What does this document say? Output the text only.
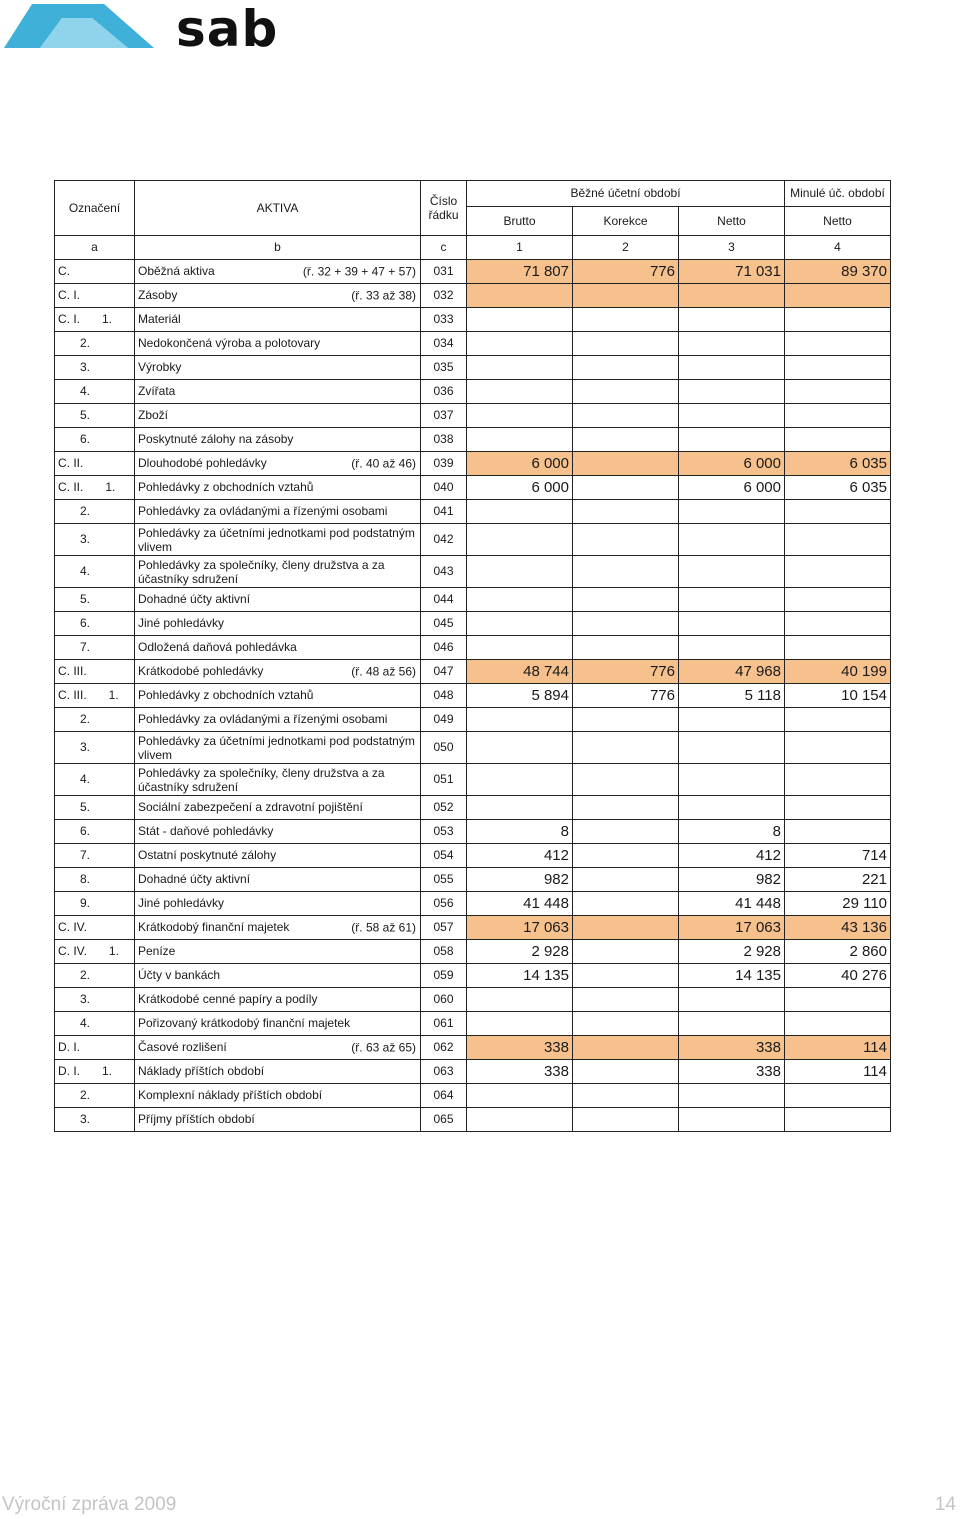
sab
Označení	AKTIVA	Číslo řádku	Běžné účetní období			Minulé úč. období
			Brutto	Korekce	Netto	Netto
a	b	c	1	2	3	4
C.	Oběžná aktiva (ř. 32 + 39 + 47 + 57)	031	71 807	776	71 031	89 370
C. I.	Zásoby (ř. 33 až 38)	032				
C. I. 1.	Materiál	033				
2.	Nedokončená výroba a polotovary	034				
3.	Výrobky	035				
4.	Zvířata	036				
5.	Zboží	037				
6.	Poskytnuté zálohy na zásoby	038				
C. II.	Dlouhodobé pohledávky (ř. 40 až 46)	039	6 000		6 000	6 035
C. II. 1.	Pohledávky z obchodních vztahů	040	6 000		6 000	6 035
2.	Pohledávky za ovládanými a řízenými osobami	041				
3.	Pohledávky za účetními jednotkami pod podstatným vlivem	042				
4.	Pohledávky za společníky, členy družstva a za účastníky sdružení	043				
5.	Dohadné účty aktivní	044				
6.	Jiné pohledávky	045				
7.	Odložená daňová pohledávka	046				
C. III.	Krátkodobé pohledávky (ř. 48 až 56)	047	48 744	776	47 968	40 199
C. III. 1.	Pohledávky z obchodních vztahů	048	5 894	776	5 118	10 154
2.	Pohledávky za ovládanými a řízenými osobami	049				
3.	Pohledávky za účetními jednotkami pod podstatným vlivem	050				
4.	Pohledávky za společníky, členy družstva a za účastníky sdružení	051				
5.	Sociální zabezpečení a zdravotní pojištění	052				
6.	Stát - daňové pohledávky	053	8		8	
7.	Ostatní poskytnuté zálohy	054	412		412	714
8.	Dohadné účty aktivní	055	982		982	221
9.	Jiné pohledávky	056	41 448		41 448	29 110
C. IV.	Krátkodobý finanční majetek (ř. 58 až 61)	057	17 063		17 063	43 136
C. IV. 1.	Peníze	058	2 928		2 928	2 860
2.	Účty v bankách	059	14 135		14 135	40 276
3.	Krátkodobé cenné papíry a podíly	060				
4.	Pořizovaný krátkodobý finanční majetek	061				
D. I.	Časové rozlišení (ř. 63 až 65)	062	338		338	114
D. I. 1.	Náklady příštích období	063	338		338	114
2.	Komplexní náklady příštích období	064				
3.	Příjmy příštích období	065				
Výroční zpráva 2009	14
